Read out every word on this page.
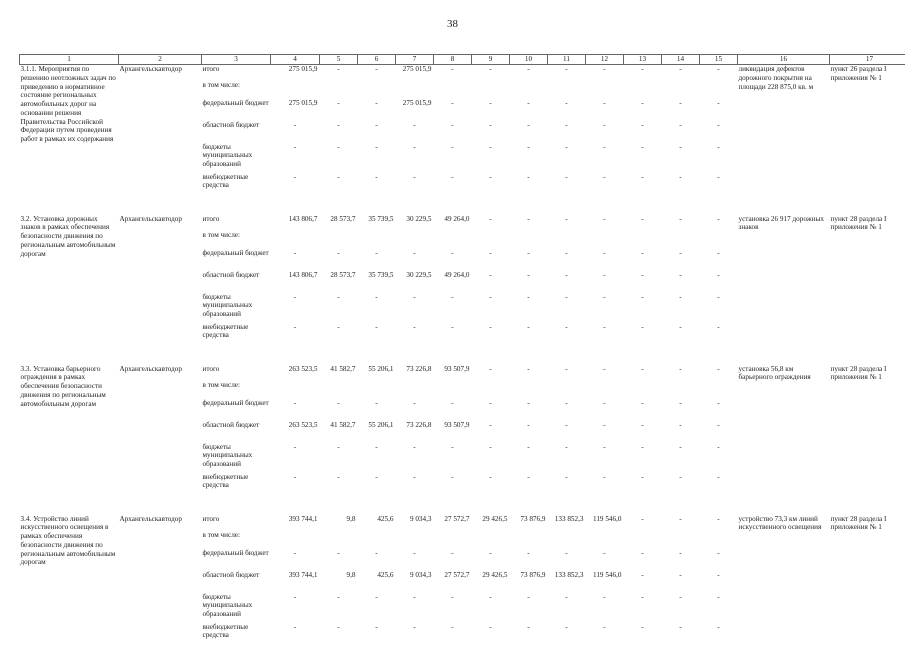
38
1	2	3	4	5	6	7	8	9	10	11	12	13	14	15	16	17
3.1.1. Мероприятия по решению неотложных задач по приведению в нормативное состояние региональных автомобильных дорог на основании решения Правительства Российской Федерации путем проведения работ в рамках их содержания	Архангельскавтодор	итого	275 015,9	-	-	275 015,9	-	-	-	-	-	-	-	-	ликвидация дефектов дорожного покрытия на площади 228 875,0 кв. м	пункт 26 раздела I приложения № 1
		в том числе:														
		федеральный бюджет	275 015,9	-	-	275 015,9	-	-	-	-	-	-	-	-		
		областной бюджет	-	-	-	-	-	-	-	-	-	-	-	-		
		бюджеты муниципальных образований	-	-	-	-	-	-	-	-	-	-	-	-		
		внебюджетные средства	-	-	-	-	-	-	-	-	-	-	-	-		

3.2. Установка дорожных знаков в рамках обеспечения безопасности движения по региональным автомобильным дорогам	Архангельскавтодор	итого	143 806,7	28 573,7	35 739,5	30 229,5	49 264,0	-	-	-	-	-	-	-	установка 26 917 дорожных знаков	пункт 28 раздела I приложения № 1
		в том числе:														
		федеральный бюджет	-	-	-	-	-	-	-	-	-	-	-	-		
		областной бюджет	143 806,7	28 573,7	35 739,5	30 229,5	49 264,0	-	-	-	-	-	-	-		
		бюджеты муниципальных образований	-	-	-	-	-	-	-	-	-	-	-	-		
		внебюджетные средства	-	-	-	-	-	-	-	-	-	-	-	-		

3.3. Установка барьерного ограждения в рамках обеспечения безопасности движения по региональным автомобильным дорогам	Архангельскавтодор	итого	263 523,5	41 582,7	55 206,1	73 226,8	93 507,9	-	-	-	-	-	-	-	установка 56,8 км барьерного ограждения	пункт 28 раздела I приложения № 1
		в том числе:														
		федеральный бюджет	-	-	-	-	-	-	-	-	-	-	-	-		
		областной бюджет	263 523,5	41 582,7	55 206,1	73 226,8	93 507,9	-	-	-	-	-	-	-		
		бюджеты муниципальных образований	-	-	-	-	-	-	-	-	-	-	-	-		
		внебюджетные средства	-	-	-	-	-	-	-	-	-	-	-	-		

3.4. Устройство линий искусственного освещения в рамках обеспечения безопасности движения по региональным автомобильным дорогам	Архангельскавтодор	итого	393 744,1	9,8	425,6	9 034,3	27 572,7	29 426,5	73 876,9	133 852,3	119 546,0	-	-	-	устройство 73,3 км линий искусственного освещения	пункт 28 раздела I приложения № 1
		в том числе:														
		федеральный бюджет	-	-	-	-	-	-	-	-	-	-	-	-		
		областной бюджет	393 744,1	9,8	425,6	9 034,3	27 572,7	29 426,5	73 876,9	133 852,3	119 546,0	-	-	-		
		бюджеты муниципальных образований	-	-	-	-	-	-	-	-	-	-	-	-		
		внебюджетные средства	-	-	-	-	-	-	-	-	-	-	-	-		
